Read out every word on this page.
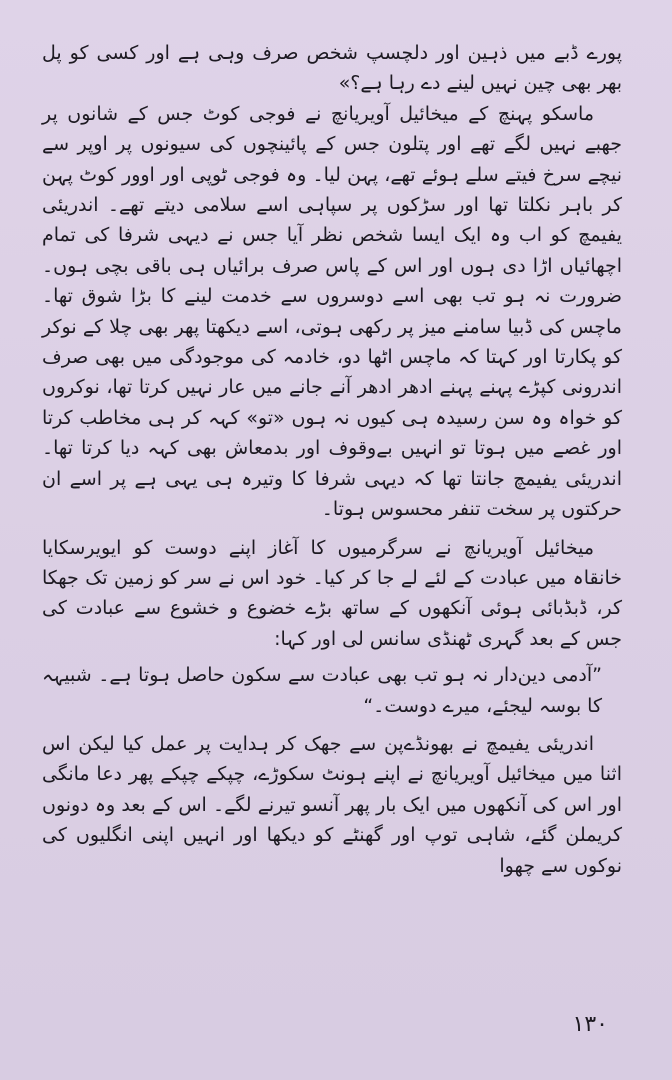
پورے ڈبے میں ذہین اور دلچسپ شخص صرف وہی ہے اور کسی کو پل بھر بھی چین نہیں لینے دے رہا ہے؟»

ماسکو پہنچ کے میخائیل آویریانچ نے فوجی کوٹ جس کے شانوں پر جھبے نہیں لگے تھے اور پتلون جس کے پائینچوں کی سیونوں پر اوپر سے نیچے سرخ فیتے سلے ہوئے تھے، پہن لیا۔ وہ فوجی ٹوپی اور اوور کوٹ پہن کر باہر نکلتا تھا اور سڑکوں پر سپاہی اسے سلامی دیتے تھے۔ اندریئی یفیمچ کو اب وہ ایک ایسا شخص نظر آیا جس نے دیہی شرفا کی تمام اچھائیاں اڑا دی ہوں اور اس کے پاس صرف برائیاں ہی باقی بچی ہوں۔ ضرورت نہ ہو تب بھی اسے دوسروں سے خدمت لینے کا بڑا شوق تھا۔ ماچس کی ڈبیا سامنے میز پر رکھی ہوتی، اسے دیکھتا پھر بھی چلا کے نوکر کو پکارتا اور کہتا کہ ماچس اٹھا دو، خادمہ کی موجودگی میں بھی صرف اندرونی کپڑے پہنے پہنے ادھر ادھر آنے جانے میں عار نہیں کرتا تھا، نوکروں کو خواہ وہ سن رسیدہ ہی کیوں نہ ہوں «تو» کہہ کر ہی مخاطب کرتا اور غصے میں ہوتا تو انہیں بےوقوف اور بدمعاش بھی کہہ دیا کرتا تھا۔ اندریئی یفیمچ جانتا تھا کہ دیہی شرفا کا وتیرہ ہی یہی ہے پر اسے ان حرکتوں پر سخت تنفر محسوس ہوتا۔

میخائیل آویریانچ نے سرگرمیوں کا آغاز اپنے دوست کو ایویرسکایا خانقاہ میں عبادت کے لئے لے جا کر کیا۔ خود اس نے سر کو زمین تک جھکا کر، ڈبڈبائی ہوئی آنکھوں کے ساتھ بڑے خضوع و خشوع سے عبادت کی جس کے بعد گہری ٹھنڈی سانس لی اور کہا:

”آدمی دین‌دار نہ ہو تب بھی عبادت سے سکون حاصل ہوتا ہے۔ شبیہہ کا بوسہ لیجئے، میرے دوست۔“

اندریئی یفیمچ نے بھونڈے‌پن سے جھک کر ہدایت پر عمل کیا لیکن اس اثنا میں میخائیل آویریانچ نے اپنے ہونٹ سکوڑے، چپکے چپکے پھر دعا مانگی اور اس کی آنکھوں میں ایک بار پھر آنسو تیرنے لگے۔ اس کے بعد وہ دونوں کریملن گئے، شاہی توپ اور گھنٹے کو دیکھا اور انہیں اپنی انگلیوں کی نوکوں سے چھوا

١٣٠
